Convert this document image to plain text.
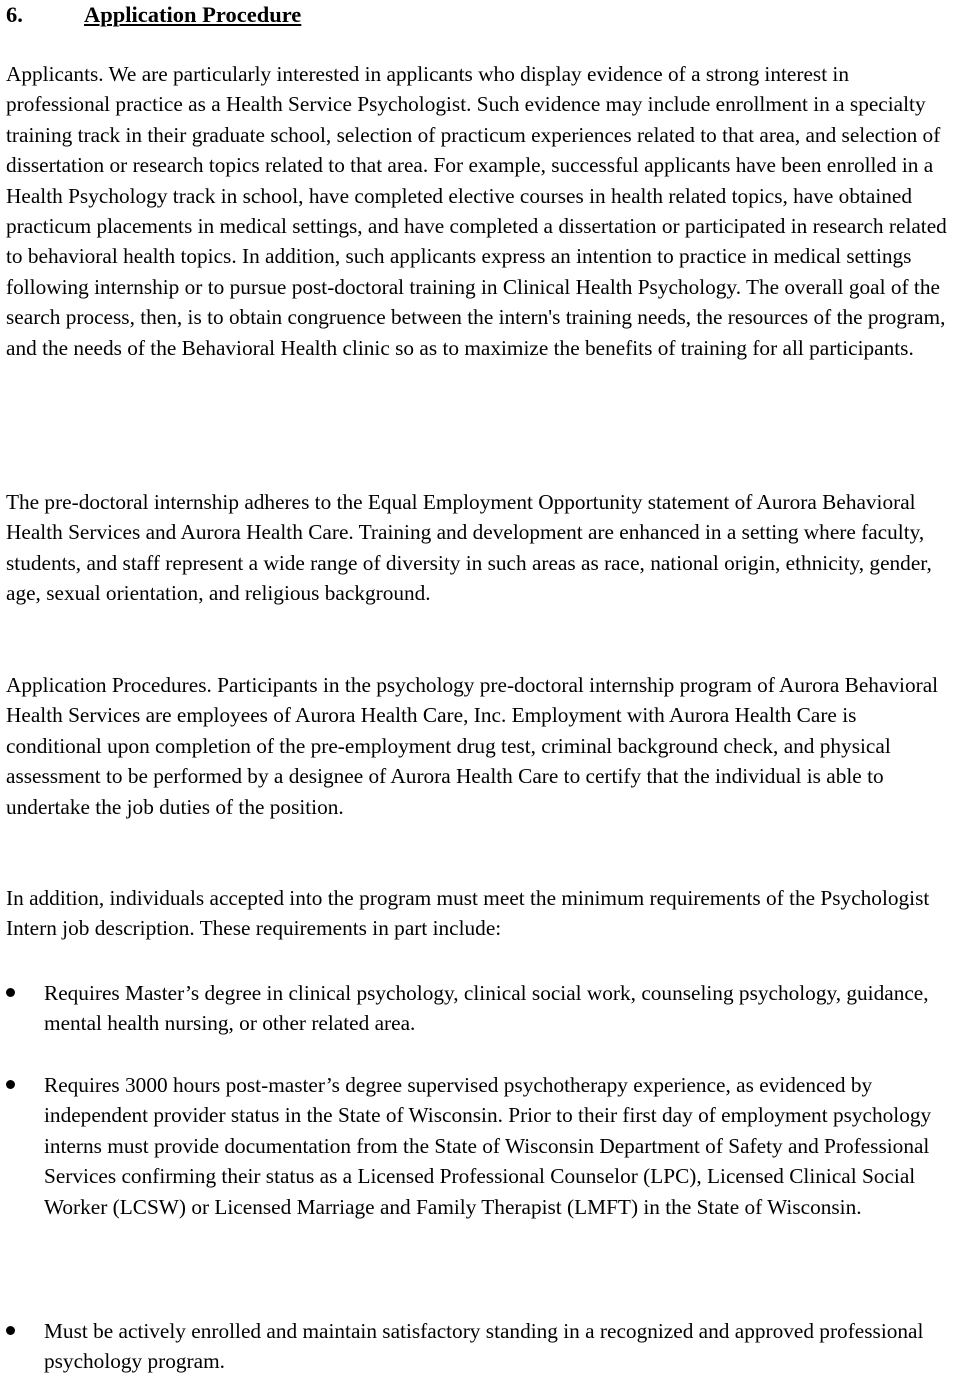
6.	Application Procedure

Applicants. We are particularly interested in applicants who display evidence of a strong interest in professional practice as a Health Service Psychologist. Such evidence may include enrollment in a specialty training track in their graduate school, selection of practicum experiences related to that area, and selection of dissertation or research topics related to that area. For example, successful applicants have been enrolled in a Health Psychology track in school, have completed elective courses in health related topics, have obtained practicum placements in medical settings, and have completed a dissertation or participated in research related to behavioral health topics. In addition, such applicants express an intention to practice in medical settings following internship or to pursue post-doctoral training in Clinical Health Psychology. The overall goal of the search process, then, is to obtain congruence between the intern's training needs, the resources of the program, and the needs of the Behavioral Health clinic so as to maximize the benefits of training for all participants.

The pre-doctoral internship adheres to the Equal Employment Opportunity statement of Aurora Behavioral Health Services and Aurora Health Care. Training and development are enhanced in a setting where faculty, students, and staff represent a wide range of diversity in such areas as race, national origin, ethnicity, gender, age, sexual orientation, and religious background.

Application Procedures. Participants in the psychology pre-doctoral internship program of Aurora Behavioral Health Services are employees of Aurora Health Care, Inc. Employment with Aurora Health Care is conditional upon completion of the pre-employment drug test, criminal background check, and physical assessment to be performed by a designee of Aurora Health Care to certify that the individual is able to undertake the job duties of the position.

In addition, individuals accepted into the program must meet the minimum requirements of the Psychologist Intern job description. These requirements in part include:

Requires Master’s degree in clinical psychology, clinical social work, counseling psychology, guidance, mental health nursing, or other related area.
Requires 3000 hours post-master’s degree supervised psychotherapy experience, as evidenced by independent provider status in the State of Wisconsin. Prior to their first day of employment psychology interns must provide documentation from the State of Wisconsin Department of Safety and Professional Services confirming their status as a Licensed Professional Counselor (LPC), Licensed Clinical Social Worker (LCSW) or Licensed Marriage and Family Therapist (LMFT) in the State of Wisconsin.
Must be actively enrolled and maintain satisfactory standing in a recognized and approved professional psychology program.
